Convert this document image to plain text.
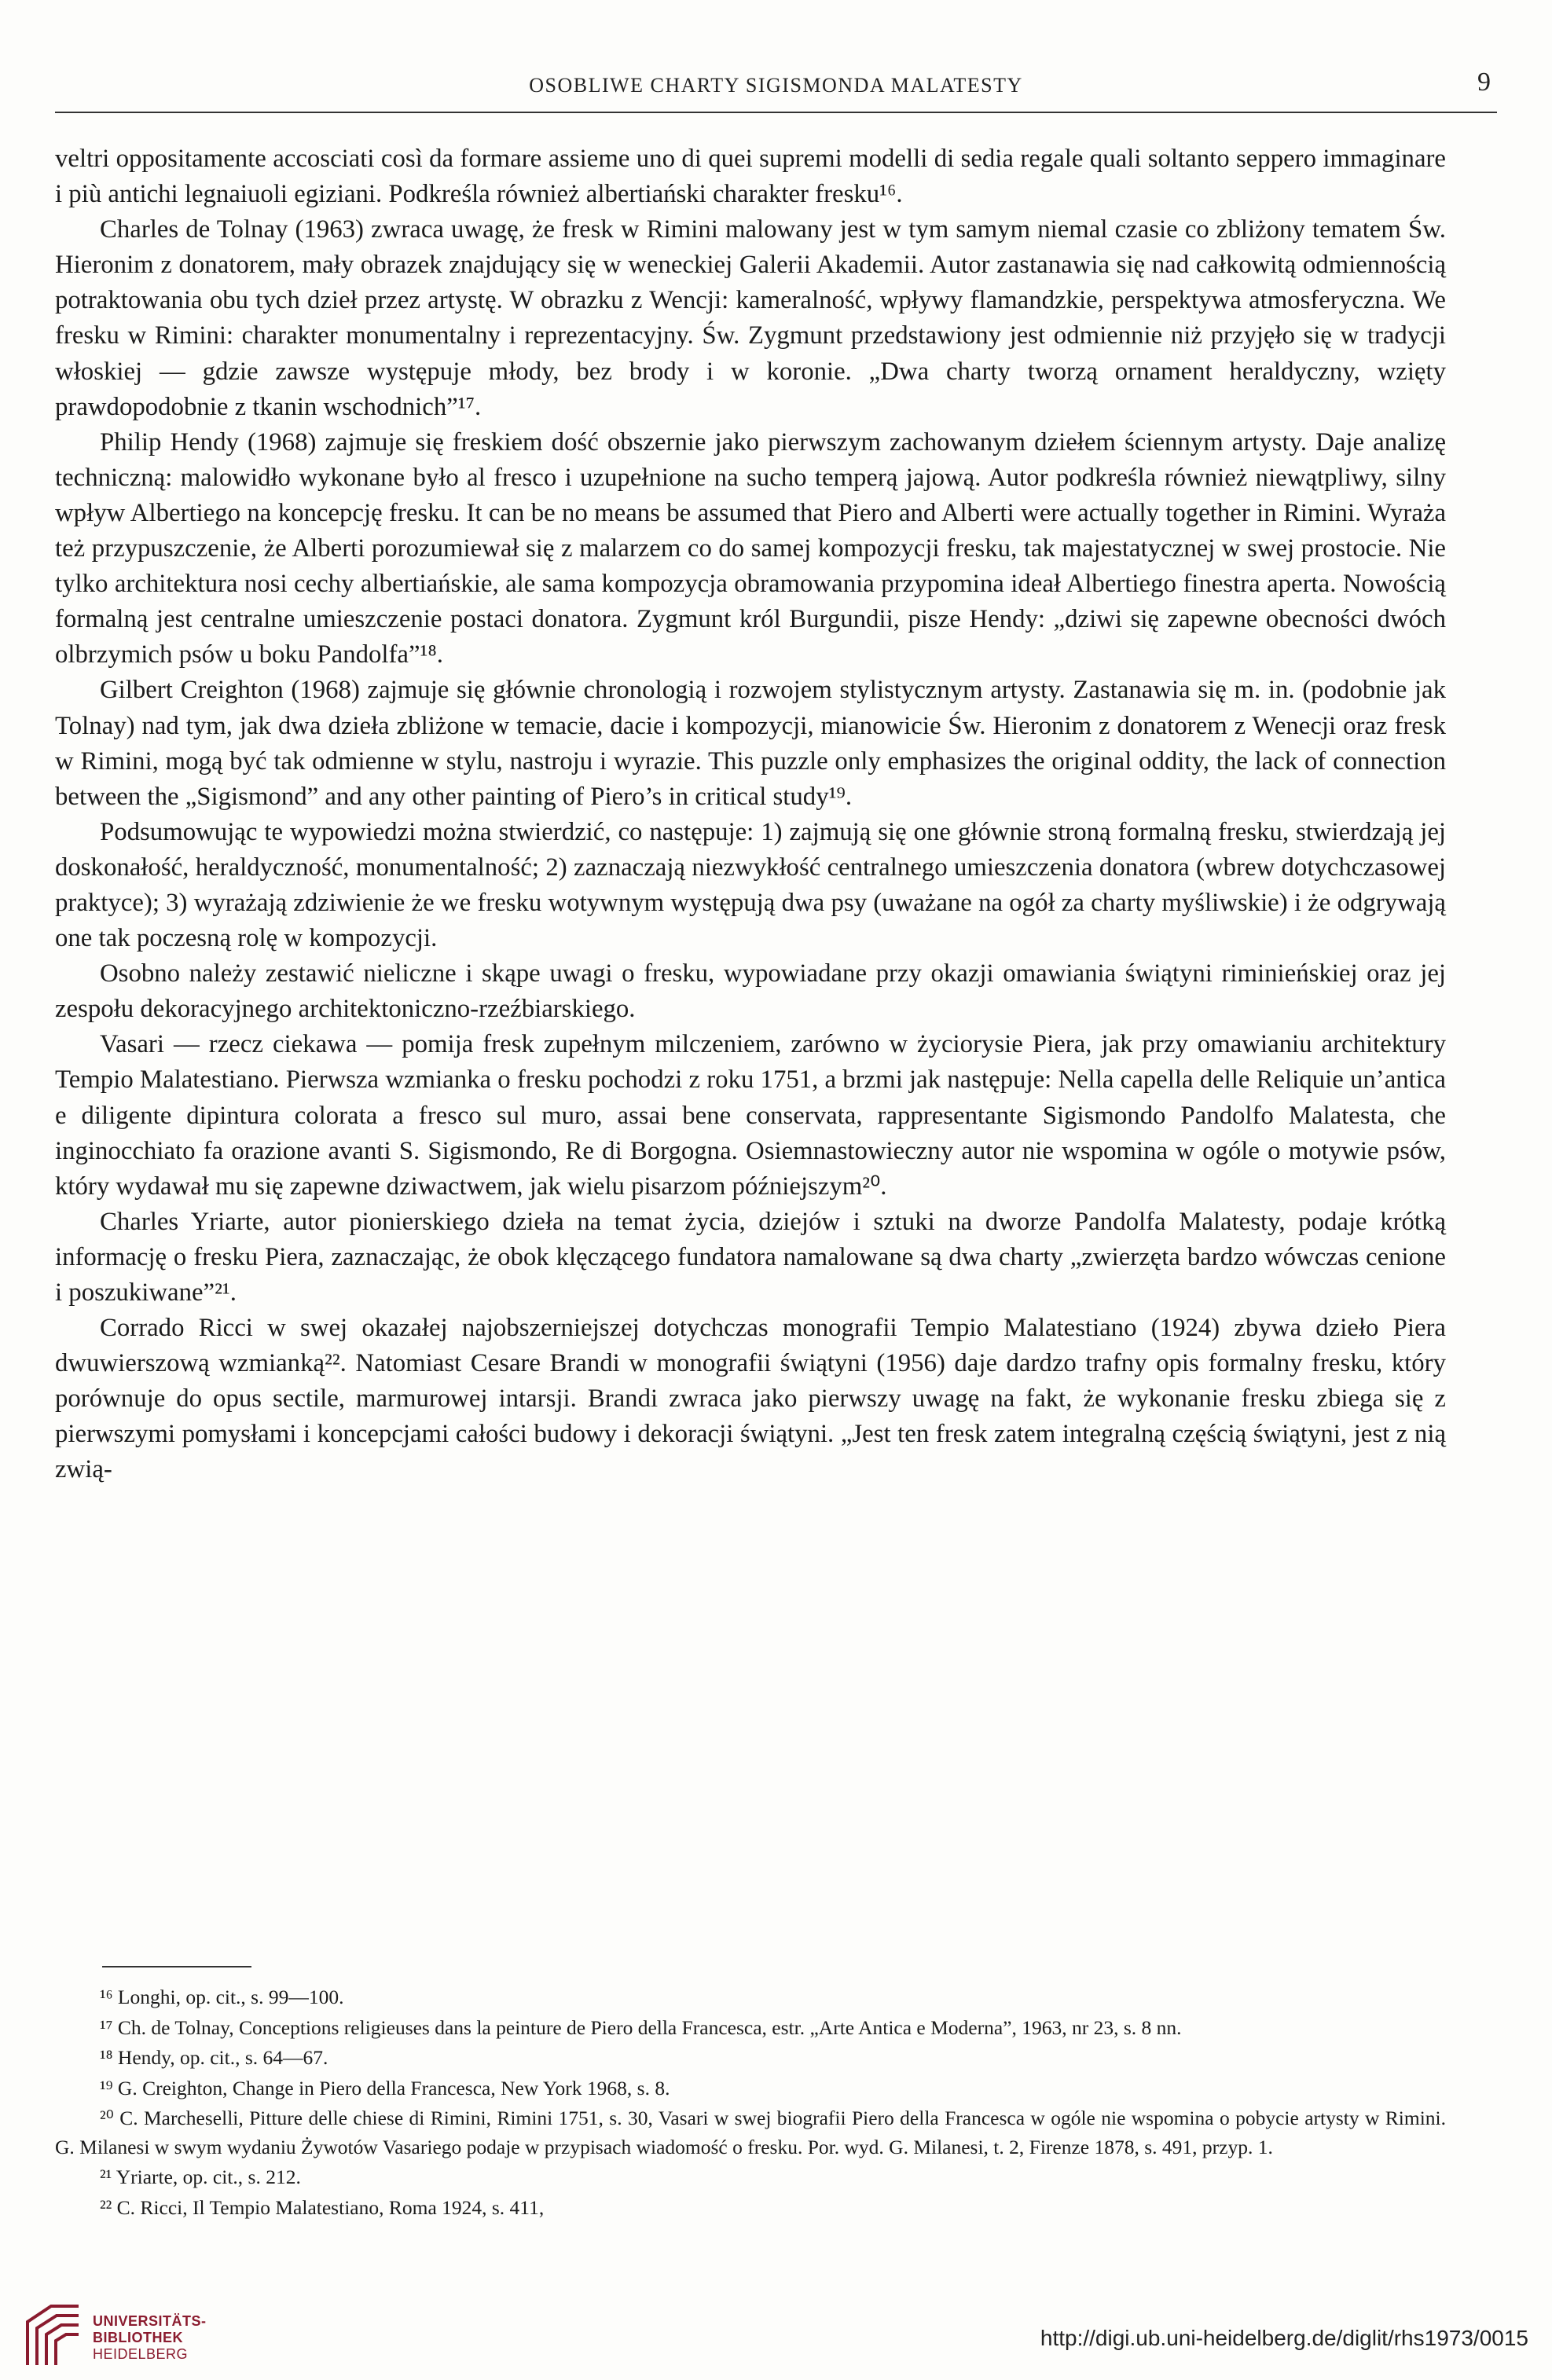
OSOBLIWE CHARTY SIGISMONDA MALATESTY	9

veltri oppositamente accosciati così da formare assieme uno di quei supremi modelli di sedia regale quali soltanto seppero immaginare i più antichi legnaiuoli egiziani. Podkreśla również albertiański charakter fresku¹⁶.

Charles de Tolnay (1963) zwraca uwagę, że fresk w Rimini malowany jest w tym samym niemal czasie co zbliżony tematem Św. Hieronim z donatorem, mały obrazek znajdujący się w weneckiej Galerii Akademii. Autor zastanawia się nad całkowitą odmiennością potraktowania obu tych dzieł przez artystę. W obrazku z Wencji: kameralność, wpływy flamandzkie, perspektywa atmosferyczna. We fresku w Rimini: charakter monumentalny i reprezentacyjny. Św. Zygmunt przedstawiony jest odmiennie niż przyjęło się w tradycji włoskiej — gdzie zawsze występuje młody, bez brody i w koronie. „Dwa charty tworzą ornament heraldyczny, wzięty prawdopodobnie z tkanin wschodnich”¹⁷.

Philip Hendy (1968) zajmuje się freskiem dość obszernie jako pierwszym zachowanym dziełem ściennym artysty. Daje analizę techniczną: malowidło wykonane było al fresco i uzupełnione na sucho temperą jajową. Autor podkreśla również niewątpliwy, silny wpływ Albertiego na koncepcję fresku. It can be no means be assumed that Piero and Alberti were actually together in Rimini. Wyraża też przypuszczenie, że Alberti porozumiewał się z malarzem co do samej kompozycji fresku, tak majestatycznej w swej prostocie. Nie tylko architektura nosi cechy albertiańskie, ale sama kompozycja obramowania przypomina ideał Albertiego finestra aperta. Nowością formalną jest centralne umieszczenie postaci donatora. Zygmunt król Burgundii, pisze Hendy: „dziwi się zapewne obecności dwóch olbrzymich psów u boku Pandolfa”¹⁸.

Gilbert Creighton (1968) zajmuje się głównie chronologią i rozwojem stylistycznym artysty. Zastanawia się m. in. (podobnie jak Tolnay) nad tym, jak dwa dzieła zbliżone w temacie, dacie i kompozycji, mianowicie Św. Hieronim z donatorem z Wenecji oraz fresk w Rimini, mogą być tak odmienne w stylu, nastroju i wyrazie. This puzzle only emphasizes the original oddity, the lack of connection between the „Sigismond” and any other painting of Piero’s in critical study¹⁹.

Podsumowując te wypowiedzi można stwierdzić, co następuje: 1) zajmują się one głównie stroną formalną fresku, stwierdzają jej doskonałość, heraldyczność, monumentalność; 2) zaznaczają niezwykłość centralnego umieszczenia donatora (wbrew dotychczasowej praktyce); 3) wyrażają zdziwienie że we fresku wotywnym występują dwa psy (uważane na ogół za charty myśliwskie) i że odgrywają one tak poczesną rolę w kompozycji.

Osobno należy zestawić nieliczne i skąpe uwagi o fresku, wypowiadane przy okazji omawiania świątyni riminieńskiej oraz jej zespołu dekoracyjnego architektoniczno-rzeźbiarskiego.

Vasari — rzecz ciekawa — pomija fresk zupełnym milczeniem, zarówno w życiorysie Piera, jak przy omawianiu architektury Tempio Malatestiano. Pierwsza wzmianka o fresku pochodzi z roku 1751, a brzmi jak następuje: Nella capella delle Reliquie un’antica e diligente dipintura colorata a fresco sul muro, assai bene conservata, rappresentante Sigismondo Pandolfo Malatesta, che inginocchiato fa orazione avanti S. Sigismondo, Re di Borgogna. Osiemnastowieczny autor nie wspomina w ogóle o motywie psów, który wydawał mu się zapewne dziwactwem, jak wielu pisarzom późniejszym²⁰.

Charles Yriarte, autor pionierskiego dzieła na temat życia, dziejów i sztuki na dworze Pandolfa Malatesty, podaje krótką informację o fresku Piera, zaznaczając, że obok klęczącego fundatora namalowane są dwa charty „zwierzęta bardzo wówczas cenione i poszukiwane”²¹.

Corrado Ricci w swej okazałej najobszerniejszej dotychczas monografii Tempio Malatestiano (1924) zbywa dzieło Piera dwuwierszową wzmianką²². Natomiast Cesare Brandi w monografii świątyni (1956) daje dardzo trafny opis formalny fresku, który porównuje do opus sectile, marmurowej intarsji. Brandi zwraca jako pierwszy uwagę na fakt, że wykonanie fresku zbiega się z pierwszymi pomysłami i koncepcjami całości budowy i dekoracji świątyni. „Jest ten fresk zatem integralną częścią świątyni, jest z nią zwią-

¹⁶ Longhi, op. cit., s. 99—100.

¹⁷ Ch. de Tolnay, Conceptions religieuses dans la peinture de Piero della Francesca, estr. „Arte Antica e Moderna”, 1963, nr 23, s. 8 nn.

¹⁸ Hendy, op. cit., s. 64—67.

¹⁹ G. Creighton, Change in Piero della Francesca, New York 1968, s. 8.

²⁰ C. Marcheselli, Pitture delle chiese di Rimini, Rimini 1751, s. 30, Vasari w swej biografii Piero della Francesca w ogóle nie wspomina o pobycie artysty w Rimini. G. Milanesi w swym wydaniu Żywotów Vasariego podaje w przypisach wiadomość o fresku. Por. wyd. G. Milanesi, t. 2, Firenze 1878, s. 491, przyp. 1.

²¹ Yriarte, op. cit., s. 212.

²² C. Ricci, Il Tempio Malatestiano, Roma 1924, s. 411,

UNIVERSITÄTS-
BIBLIOTHEK
HEIDELBERG
http://digi.ub.uni-heidelberg.de/diglit/rhs1973/0015
